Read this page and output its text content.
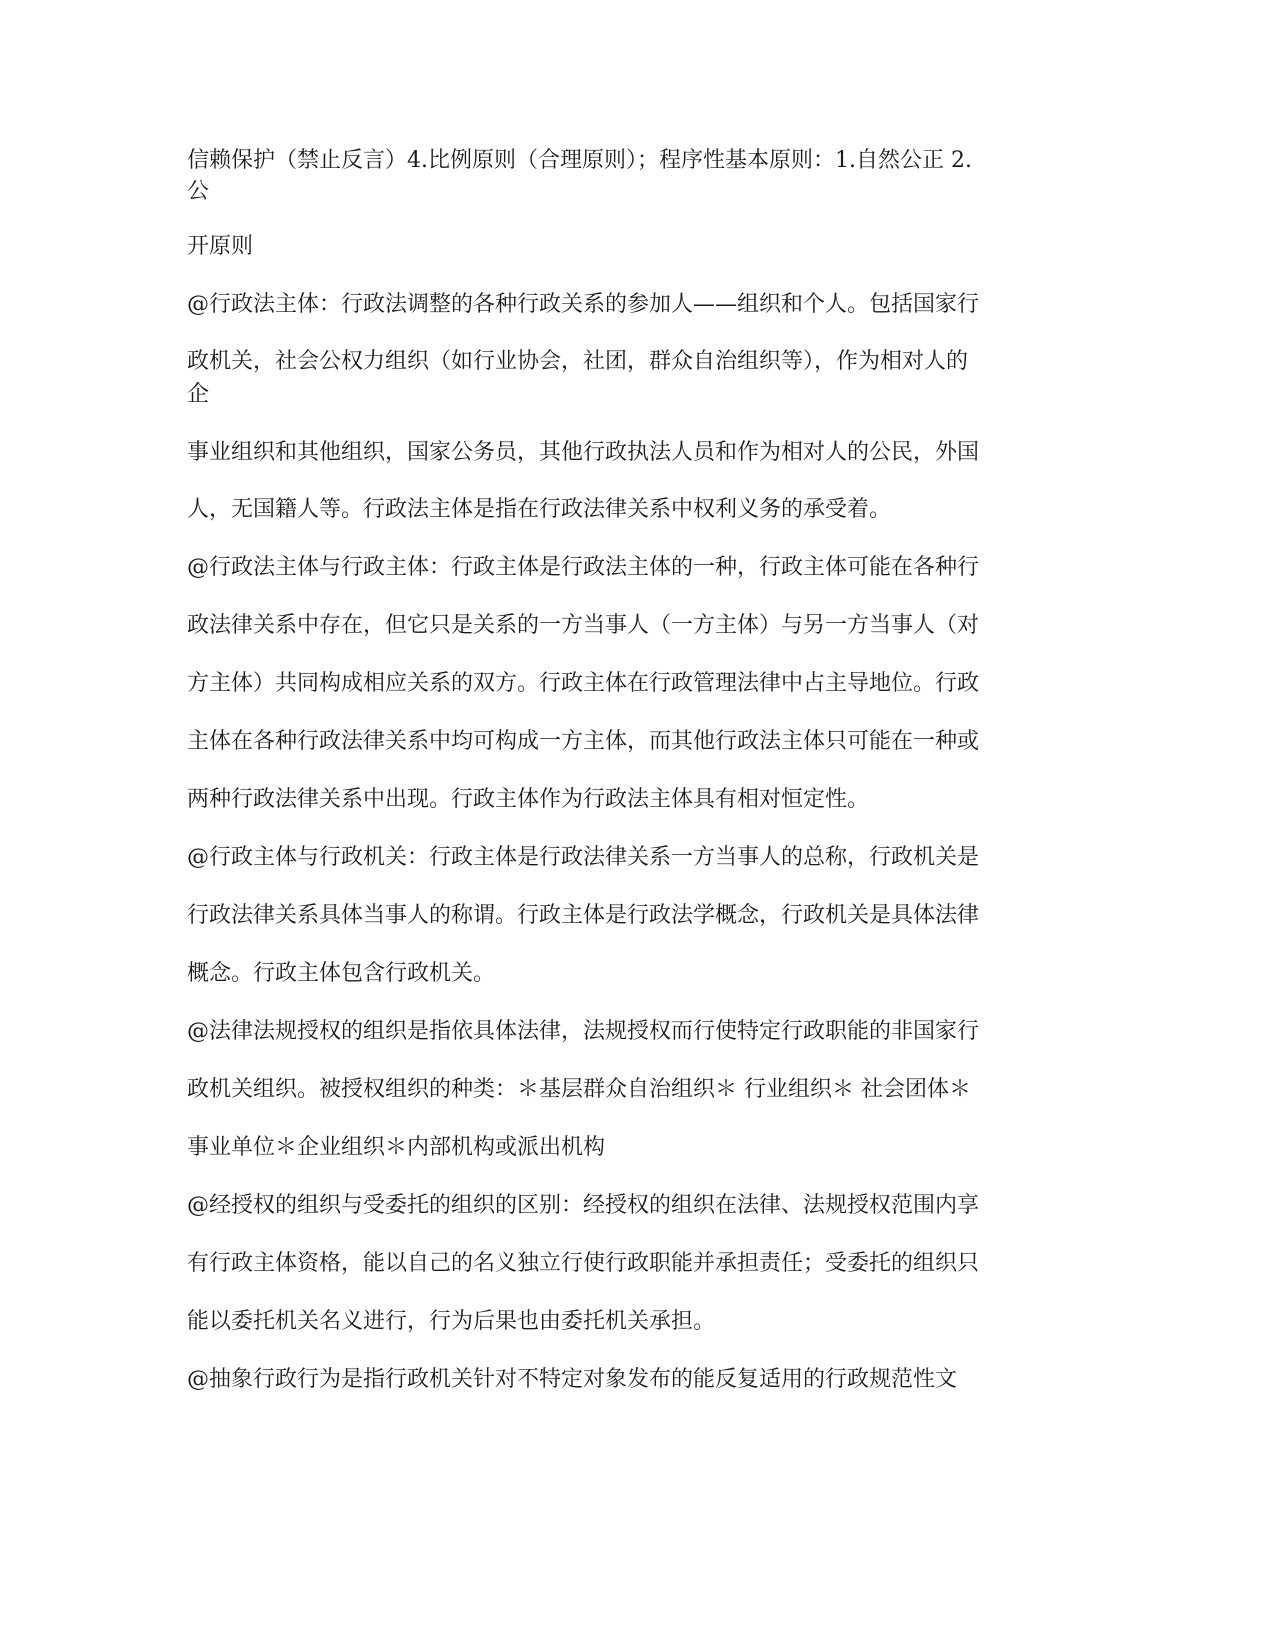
信赖保护（禁止反言）4.比例原则（合理原则）；程序性基本原则：1.自然公正 2.
公
开原则
@行政法主体：行政法调整的各种行政关系的参加人——组织和个人。包括国家行
政机关，社会公权力组织（如行业协会，社团，群众自治组织等），作为相对人的
企
事业组织和其他组织，国家公务员，其他行政执法人员和作为相对人的公民，外国
人，无国籍人等。行政法主体是指在行政法律关系中权利义务的承受着。
@行政法主体与行政主体：行政主体是行政法主体的一种，行政主体可能在各种行
政法律关系中存在，但它只是关系的一方当事人（一方主体）与另一方当事人（对
方主体）共同构成相应关系的双方。行政主体在行政管理法律中占主导地位。行政
主体在各种行政法律关系中均可构成一方主体，而其他行政法主体只可能在一种或
两种行政法律关系中出现。行政主体作为行政法主体具有相对恒定性。
@行政主体与行政机关：行政主体是行政法律关系一方当事人的总称，行政机关是
行政法律关系具体当事人的称谓。行政主体是行政法学概念，行政机关是具体法律
概念。行政主体包含行政机关。
@法律法规授权的组织是指依具体法律，法规授权而行使特定行政职能的非国家行
政机关组织。被授权组织的种类：＊基层群众自治组织＊ 行业组织＊ 社会团体＊
事业单位＊企业组织＊内部机构或派出机构
@经授权的组织与受委托的组织的区别：经授权的组织在法律、法规授权范围内享
有行政主体资格，能以自己的名义独立行使行政职能并承担责任；受委托的组织只
能以委托机关名义进行，行为后果也由委托机关承担。
@抽象行政行为是指行政机关针对不特定对象发布的能反复适用的行政规范性文
